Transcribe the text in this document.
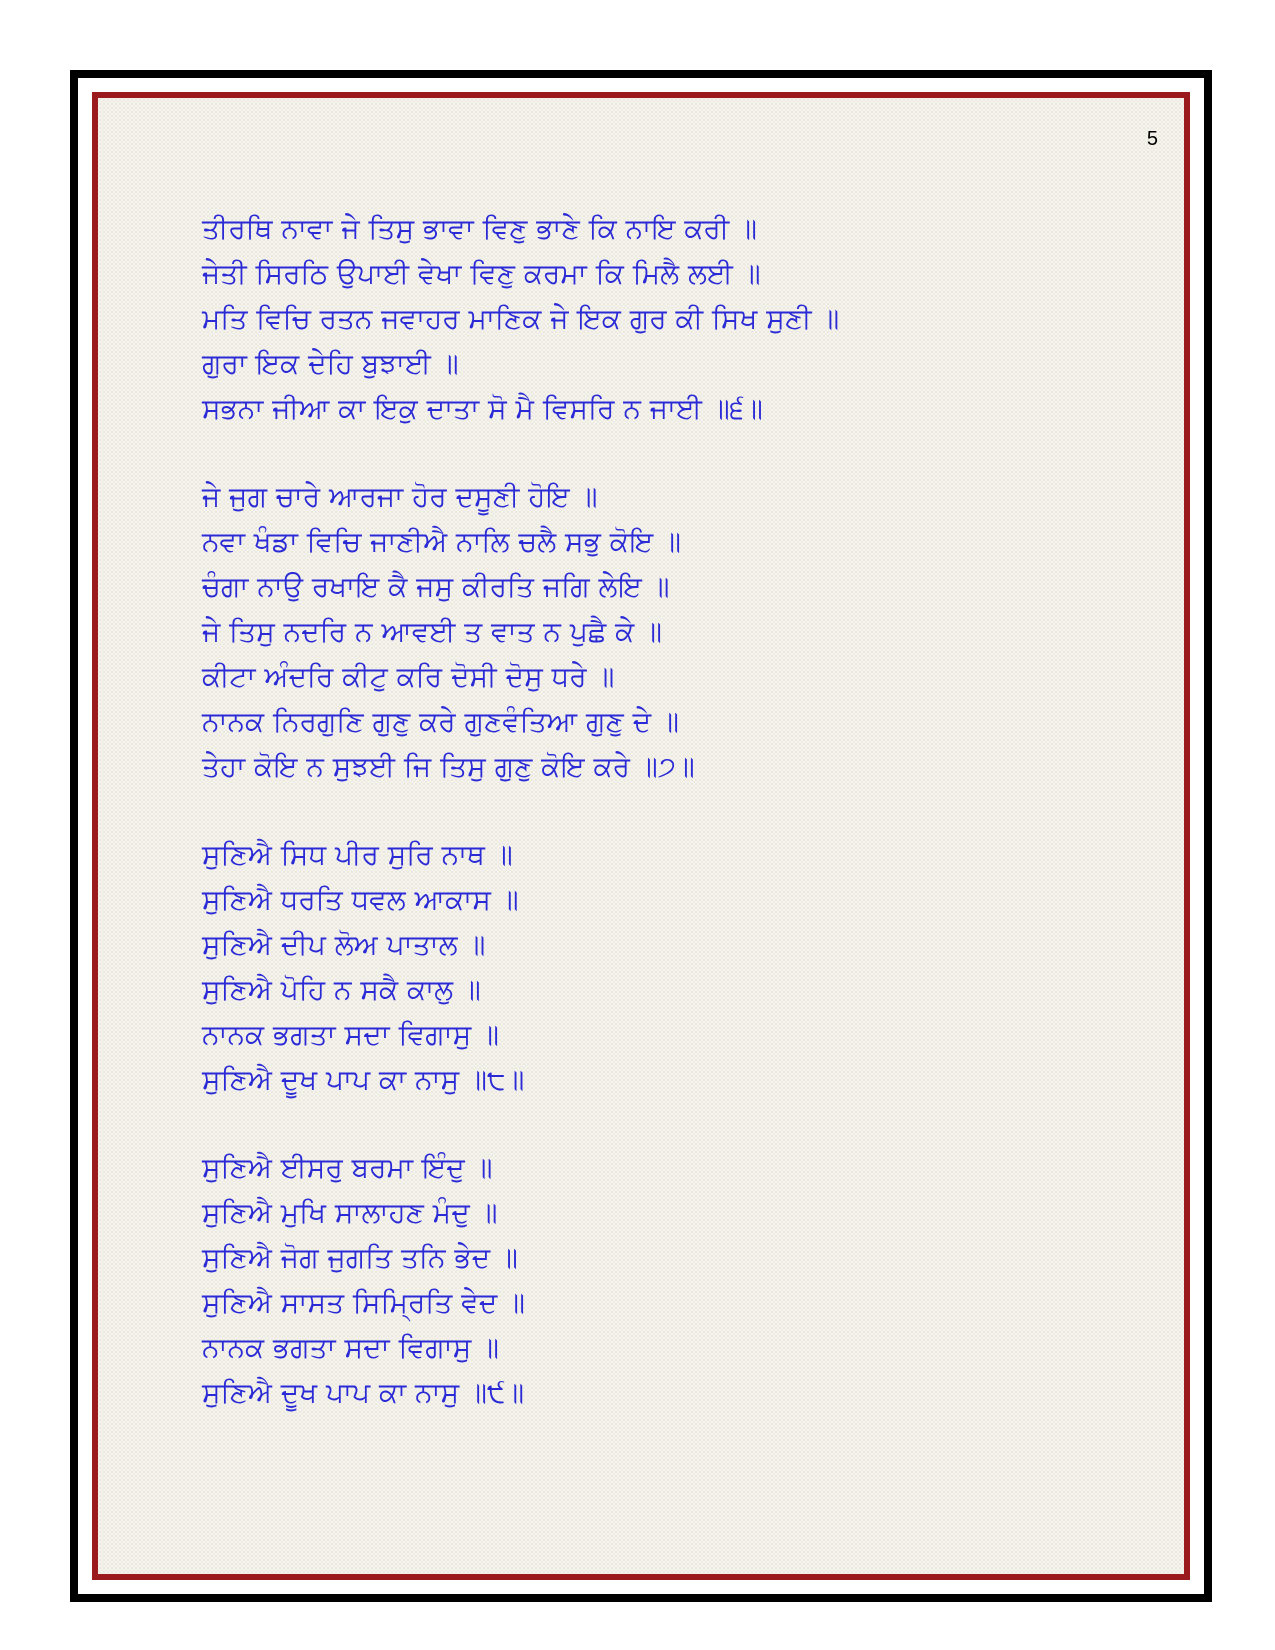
5
ਤੀਰਥਿ ਨਾਵਾ ਜੇ ਤਿਸੁ ਭਾਵਾ ਵਿਣੁ ਭਾਣੇ ਕਿ ਨਾਇ ਕਰੀ ॥
ਜੇਤੀ ਸਿਰਠਿ ਉਪਾਈ ਵੇਖਾ ਵਿਣੁ ਕਰਮਾ ਕਿ ਮਿਲੈ ਲਈ ॥
ਮਤਿ ਵਿਚਿ ਰਤਨ ਜਵਾਹਰ ਮਾਣਿਕ ਜੇ ਇਕ ਗੁਰ ਕੀ ਸਿਖ ਸੁਣੀ ॥
ਗੁਰਾ ਇਕ ਦੇਹਿ ਬੁਝਾਈ ॥
ਸਭਨਾ ਜੀਆ ਕਾ ਇਕੁ ਦਾਤਾ ਸੋ ਮੈ ਵਿਸਰਿ ਨ ਜਾਈ ॥੬॥
ਜੇ ਜੁਗ ਚਾਰੇ ਆਰਜਾ ਹੋਰ ਦਸੂਣੀ ਹੋਇ ॥
ਨਵਾ ਖੰਡਾ ਵਿਚਿ ਜਾਣੀਐ ਨਾਲਿ ਚਲੈ ਸਭੁ ਕੋਇ ॥
ਚੰਗਾ ਨਾਉ ਰਖਾਇ ਕੈ ਜਸੁ ਕੀਰਤਿ ਜਗਿ ਲੇਇ ॥
ਜੇ ਤਿਸੁ ਨਦਰਿ ਨ ਆਵਈ ਤ ਵਾਤ ਨ ਪੁਛੈ ਕੇ ॥
ਕੀਟਾ ਅੰਦਰਿ ਕੀਟੁ ਕਰਿ ਦੋਸੀ ਦੋਸੁ ਧਰੇ ॥
ਨਾਨਕ ਨਿਰਗੁਣਿ ਗੁਣੁ ਕਰੇ ਗੁਣਵੰਤਿਆ ਗੁਣੁ ਦੇ ॥
ਤੇਹਾ ਕੋਇ ਨ ਸੁਝਈ ਜਿ ਤਿਸੁ ਗੁਣੁ ਕੋਇ ਕਰੇ ॥੭॥
ਸੁਣਿਐ ਸਿਧ ਪੀਰ ਸੁਰਿ ਨਾਥ ॥
ਸੁਣਿਐ ਧਰਤਿ ਧਵਲ ਆਕਾਸ ॥
ਸੁਣਿਐ ਦੀਪ ਲੋਅ ਪਾਤਾਲ ॥
ਸੁਣਿਐ ਪੋਹਿ ਨ ਸਕੈ ਕਾਲੁ ॥
ਨਾਨਕ ਭਗਤਾ ਸਦਾ ਵਿਗਾਸੁ ॥
ਸੁਣਿਐ ਦੂਖ ਪਾਪ ਕਾ ਨਾਸੁ ॥੮॥
ਸੁਣਿਐ ਈਸਰੁ ਬਰਮਾ ਇੰਦੁ ॥
ਸੁਣਿਐ ਮੁਖਿ ਸਾਲਾਹਣ ਮੰਦੁ ॥
ਸੁਣਿਐ ਜੋਗ ਜੁਗਤਿ ਤਨਿ ਭੇਦ ॥
ਸੁਣਿਐ ਸਾਸਤ ਸਿਮ੍ਰਿਤਿ ਵੇਦ ॥
ਨਾਨਕ ਭਗਤਾ ਸਦਾ ਵਿਗਾਸੁ ॥
ਸੁਣਿਐ ਦੂਖ ਪਾਪ ਕਾ ਨਾਸੁ ॥੯॥
